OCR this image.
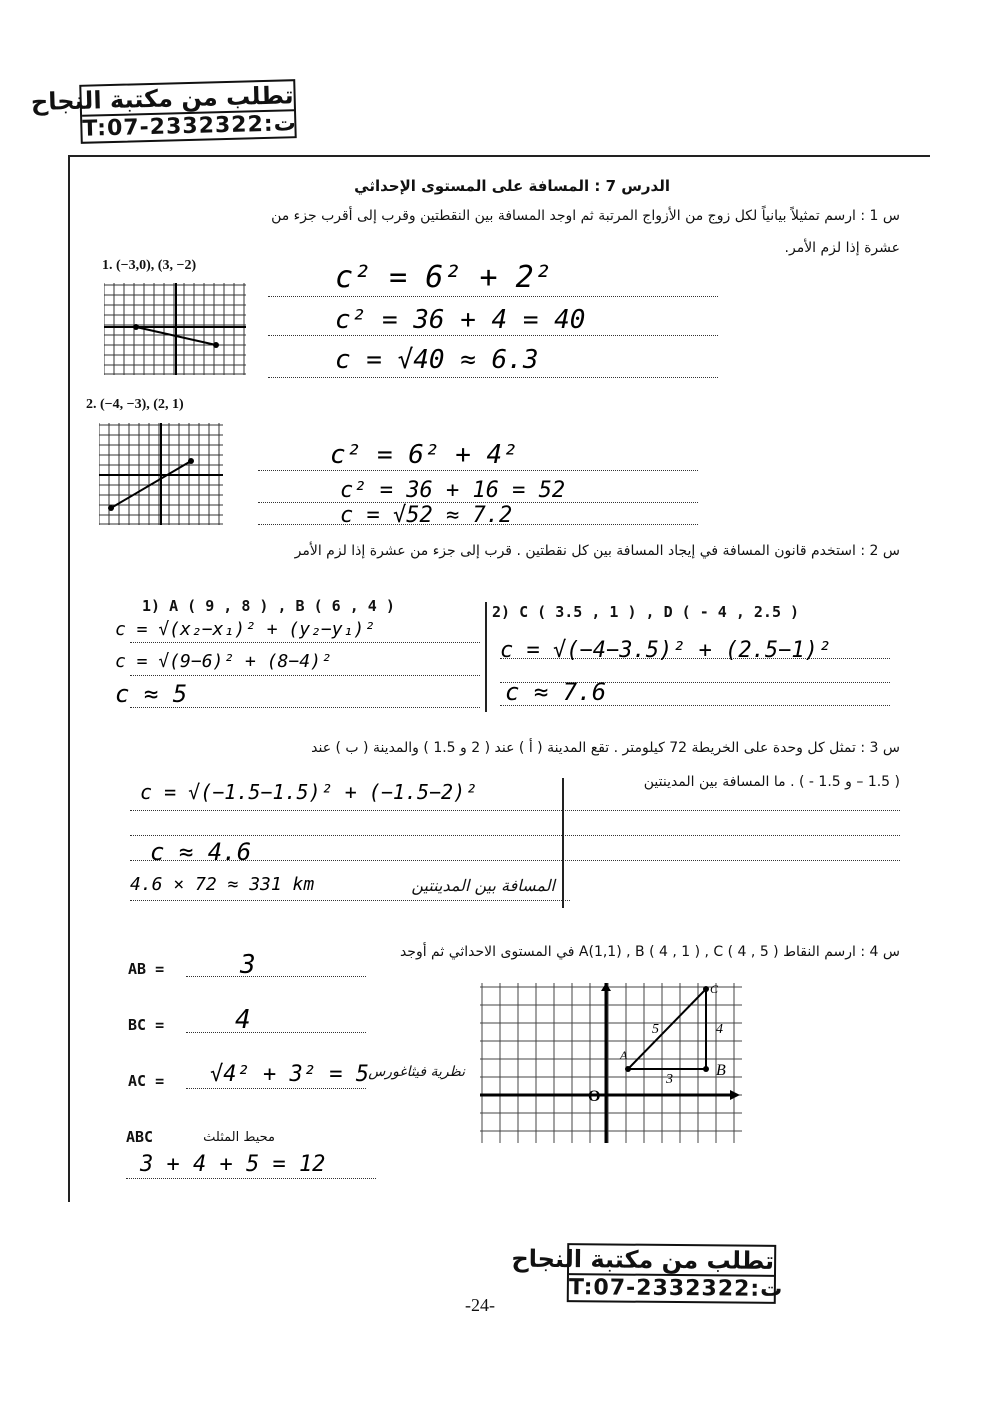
تطلب من مكتبة النجاح
T:07-2332322:ت
الدرس 7 : المسافة على المستوى الإحداثي
س 1 : ارسم تمثيلاً بيانياً لكل زوج من الأزواج المرتبة ثم اوجد المسافة بين النقطتين وقرب إلى أقرب جزء من
عشرة إذا لزم الأمر.
1. (−3,0), (3, −2)	c² = 6² + 2²
c² = 36 + 4 = 40
c = √40 ≈ 6.3
2. (−4, −3), (2, 1)
c² = 6² + 4²
c² = 36 + 16 = 52
c = √52 ≈ 7.2
س 2 : استخدم قانون المسافة في إيجاد المسافة بين كل نقطتين . قرب إلى جزء من عشرة إذا لزم الأمر
1) A ( 9 , 8 ) , B ( 6 , 4 )	2) C ( 3.5 , 1 ) , D ( - 4 , 2.5 )
c = √(x₂−x₁)² + (y₂−y₁)²
c = √(9−6)² + (8−4)²
c ≈ 5
c = √(−4−3.5)² + (2.5−1)²
c ≈ 7.6
س 3 : تمثل كل وحدة على الخريطة 72 كيلومتر . تقع المدينة ( أ ) عند ( 2 و 1.5 ) والمدينة ( ب ) عند
( 1.5 – و 1.5 - ) . ما المسافة بين المدينتين
c = √(−1.5−1.5)² + (−1.5−2)²
c ≈ 4.6
4.6 × 72 ≈ 331 km	المسافة بين المدينتين
س 4 : ارسم النقاط A(1,1) , B ( 4 , 1 ) , C ( 4 , 5 ) في المستوى الاحداثي ثم أوجد
AB =	3
BC =	4
AC = √4² + 3² = 5 نظرية فيثاغورس
ABC	محيط المثلث
3 + 4 + 5 = 12
A
B
C
O
5
3
4
تطلب من مكتبة النجاح
T:07-2332322:ت
-24-
